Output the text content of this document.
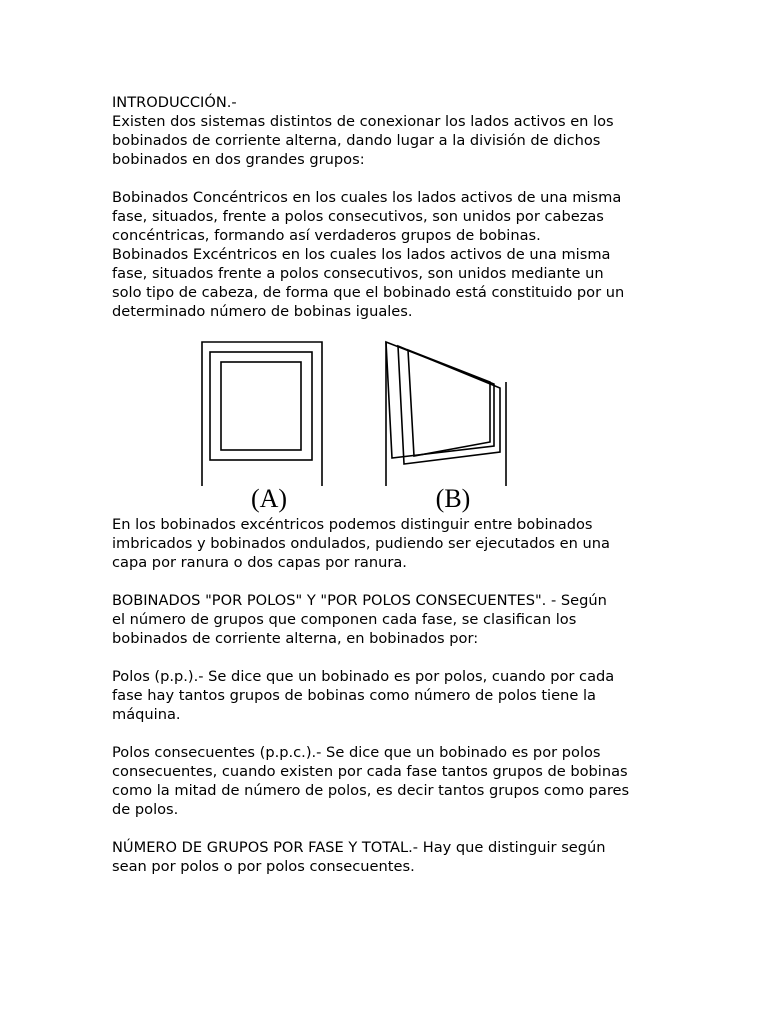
INTRODUCCIÓN.-
Existen dos sistemas distintos de conexionar los lados activos en los
bobinados de corriente alterna, dando lugar a la división de dichos
bobinados en dos grandes grupos:
Bobinados Concéntricos en los cuales los lados activos de una misma
fase, situados, frente a polos consecutivos, son unidos por cabezas
concéntricas, formando así verdaderos grupos de bobinas.
Bobinados Excéntricos en los cuales los lados activos de una misma
fase, situados frente a polos consecutivos, son unidos mediante un
solo tipo de cabeza, de forma que el bobinado está constituido por un
determinado número de bobinas iguales.
En los bobinados excéntricos podemos distinguir entre bobinados
imbricados y bobinados ondulados, pudiendo ser ejecutados en una
capa por ranura o dos capas por ranura.
BOBINADOS "POR POLOS" Y "POR POLOS CONSECUENTES". - Según
el número de grupos que componen cada fase, se clasifican los
bobinados de corriente alterna, en bobinados por:
Polos (p.p.).- Se dice que un bobinado es por polos, cuando por cada
fase hay tantos grupos de bobinas como número de polos tiene la
máquina.
Polos consecuentes (p.p.c.).- Se dice que un bobinado es por polos
consecuentes, cuando existen por cada fase tantos grupos de bobinas
como la mitad de número de polos, es decir tantos grupos como pares
de polos.
NÚMERO DE GRUPOS POR FASE Y TOTAL.- Hay que distinguir según
sean por polos o por polos consecuentes.
(A)	(B)
